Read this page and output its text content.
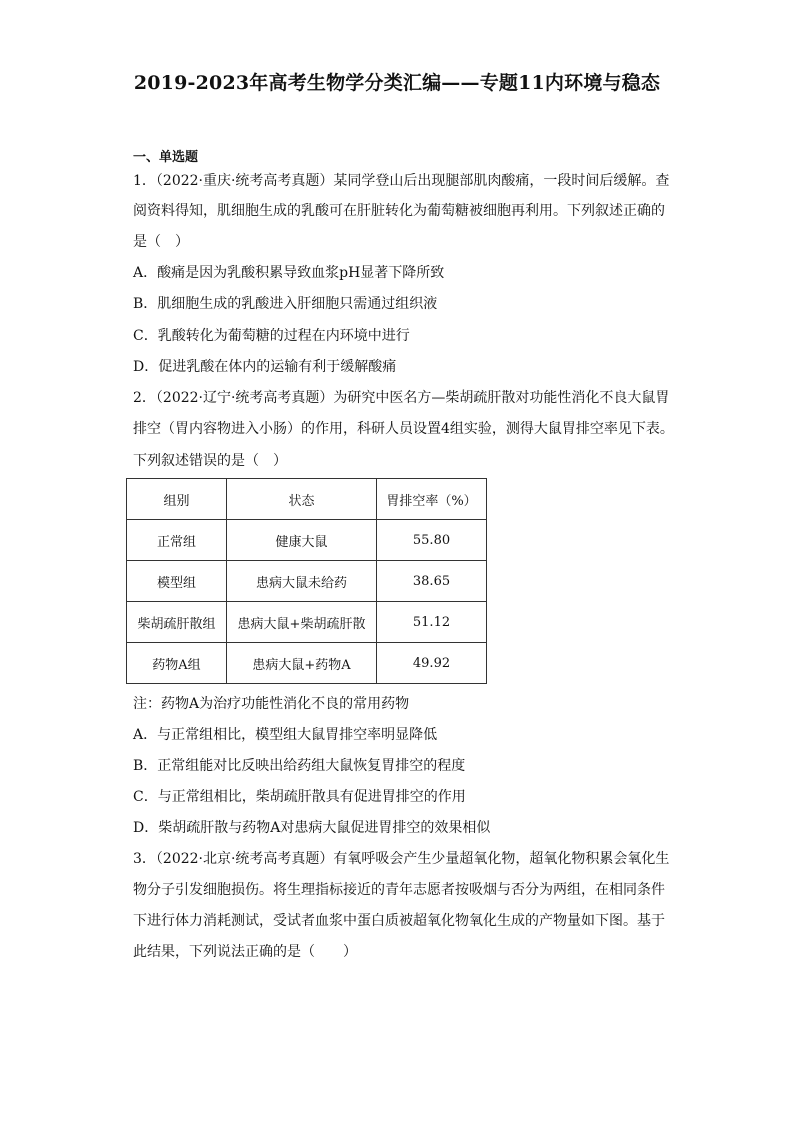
2019-2023年高考生物学分类汇编——专题11内环境与稳态
一、单选题
1．（2022·重庆·统考高考真题）某同学登山后出现腿部肌肉酸痛，一段时间后缓解。查
阅资料得知，肌细胞生成的乳酸可在肝脏转化为葡萄糖被细胞再利用。下列叙述正确的
是（　）
A．酸痛是因为乳酸积累导致血浆pH显著下降所致
B．肌细胞生成的乳酸进入肝细胞只需通过组织液
C．乳酸转化为葡萄糖的过程在内环境中进行
D．促进乳酸在体内的运输有利于缓解酸痛
2．（2022·辽宁·统考高考真题）为研究中医名方—柴胡疏肝散对功能性消化不良大鼠胃
排空（胃内容物进入小肠）的作用，科研人员设置4组实验，测得大鼠胃排空率见下表。
下列叙述错误的是（　）
组别	状态	胃排空率（%）
正常组	健康大鼠	55.80
模型组	患病大鼠未给药	38.65
柴胡疏肝散组	患病大鼠+柴胡疏肝散	51.12
药物A组	患病大鼠+药物A	49.92
注：药物A为治疗功能性消化不良的常用药物
A．与正常组相比，模型组大鼠胃排空率明显降低
B．正常组能对比反映出给药组大鼠恢复胃排空的程度
C．与正常组相比，柴胡疏肝散具有促进胃排空的作用
D．柴胡疏肝散与药物A对患病大鼠促进胃排空的效果相似
3．（2022·北京·统考高考真题）有氧呼吸会产生少量超氧化物，超氧化物积累会氧化生
物分子引发细胞损伤。将生理指标接近的青年志愿者按吸烟与否分为两组，在相同条件
下进行体力消耗测试，受试者血浆中蛋白质被超氧化物氧化生成的产物量如下图。基于
此结果，下列说法正确的是（　　）
